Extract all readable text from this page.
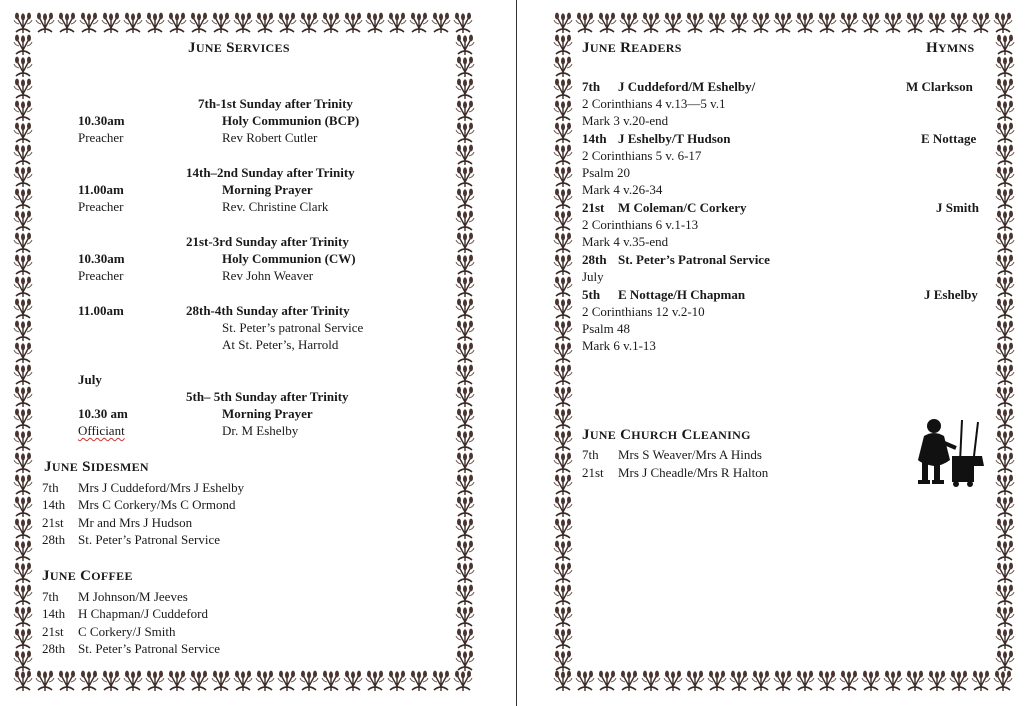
JUNE SERVICES
7th-1st Sunday after Trinity
10.30am	Holy Communion (BCP)
Preacher	Rev Robert Cutler
14th–2nd Sunday after Trinity
11.00am	Morning Prayer
Preacher	Rev. Christine Clark
21st-3rd Sunday after Trinity
10.30am	Holy Communion (CW)
Preacher	Rev John Weaver
11.00am	28th-4th Sunday after Trinity
St. Peter’s patronal Service
At St. Peter’s, Harrold
July
5th– 5th Sunday after Trinity
10.30 am	Morning Prayer
Officiant	Dr. M Eshelby
JUNE SIDESMEN
7th Mrs J Cuddeford/Mrs J Eshelby
14th Mrs C Corkery/Ms C Ormond
21st Mr and Mrs J Hudson
28th St. Peter’s Patronal Service
JUNE COFFEE
7th M Johnson/M Jeeves
14th H Chapman/J Cuddeford
21st C Corkery/J Smith
28th St. Peter’s Patronal Service
JUNE READERS	HYMNS
7th J Cuddeford/M Eshelby/	M Clarkson
2 Corinthians 4 v.13—5 v.1
Mark 3 v.20-end
14th J Eshelby/T Hudson	E Nottage
2 Corinthians 5 v. 6-17
Psalm 20
Mark 4 v.26-34
21st M Coleman/C Corkery	J Smith
2 Corinthians 6 v.1-13
Mark 4 v.35-end
28th St. Peter’s Patronal Service
July
5th E Nottage/H Chapman	J Eshelby
2 Corinthians 12 v.2-10
Psalm 48
Mark 6 v.1-13
JUNE CHURCH CLEANING
7th Mrs S Weaver/Mrs A Hinds
21st Mrs J Cheadle/Mrs R Halton
